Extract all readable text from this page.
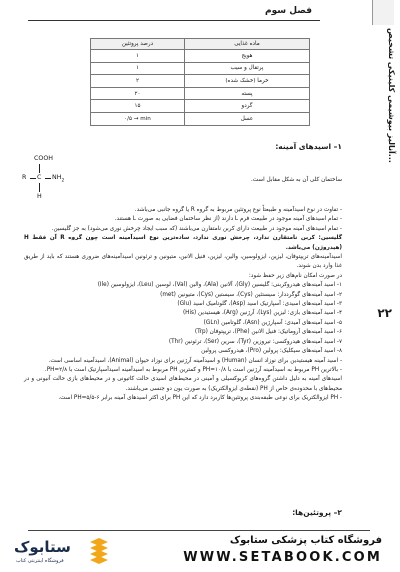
فصل سوم
آنالیز بیوشیمی کلینیکی تشخیص...
۲۲
ماده غذایی	درصد پروتئین
هویج	۱
پرتقال و سیب	۱
خرما (خشک شده)	۲
پسته	۲۰
گردو	۱۵
عسل	۰/۵ → min
۱– اسیدهای آمینه:
COOH
R C $NH_2$
H

ساختمان کلی آن به شکل مقابل است.

- تفاوت در نوع اسیدآمینه و طبیعتاً نوع پروتئین مربوط به گروه R یا گروه جانبی می‌باشد.

- تمام اسیدهای آمینه موجود در طبیعت فرم L دارند (از نظر ساختمان فضایی به صورت L هستند.

- تمام اسیدهای آمینه موجود در طبیعت دارای کربن نامتقارن می‌باشند (که سبب ایجاد چرخش نوری می‌شود) به جز گلیسین.

گلیسین: کربن نامتقارن ندارد، چرخش نوری ندارد، ساده‌ترین نوع اسیدآمینه است چون گروه R آن فقط H (هیدروژن) می‌باشد.

اسیدآمینه‌های تریپتوفان، لیزین، ایزولوسین، والین، لیزین، فنیل الانین، متیونین و ترئونین اسیدآمینه‌های ضروری هستند که باید از طریق غذا وارد بدن شوند.

در صورت امکان نام‌های زیر حفظ شود:

۱- اسید آمینه‌های هیدروکربنی: گلیسین (Gly)، آلانین (Ala)، والین (Val)، لوسین (Leu)، ایزولوسین (Ile)

۲- اسید آمینه‌های گوگرددار: سیستئین (Cys)، سیستین (Cys)، متیونین (met)

۳- اسید آمینه‌های اسیدی: آسپارتیک اسید (Asp)، گلوتامیک اسید (Glu)

۴- اسید آمینه‌های بازی: لیزین (Lys)، آرژنین (Arg)، هیستیدین (His)

۵- اسید آمینه‌های آمیدی: آسپارژین (Asn)، گلوتامین (GLn)

۶- اسید آمینه‌های آروماتیک: فنیل الانین (Phe)، تریپتوفان (Trp)

۷- اسید آمینه‌های هیدروکسی: تیروزین (Tyr)، سرین (Ser)، ترئونین (Thr)

۸- اسید آمینه‌های سیکلیک: پرولین (Pro)، هیدروکسی پرولین

- اسید آمینه هیستیدین برای نوزاد انسان (Human) و اسیدآمینه آرژنین برای نوزاد حیوان (Animal)، اسیدآمینه اساسی است.

- بالاترین PH مربوط به اسیدآمینه آرژنین است با PH=۱۰/۸ و کمترین PH مربوط به اسیدآمینه اسیدآسپارتیک است با PH=۲/۸.

اسیدهای آمینه به دلیل داشتن گروه‌های کربوکسیلی و آمینی در محیط‌های اسیدی حالت کاتیونی و در محیط‌های بازی حالت آنیونی و در محیط‌های با محدوده‌ی خاص از PH (نقطه‌ی ایزوالکتریک) به صورت یون دو جنسی می‌باشند.

- PH ایزوالکتریک برای نوعی طبقه‌بندی پروتئین‌ها کاربرد دارد که این PH برای اکثر اسیدهای آمینه برابر PH=۵/۵-۶ است.

۲– پروتئین‌ها:
ستابوک
فروشگاه اینترنتی کتاب
فروشگاه کتاب پزشکی ستابوک
WWW.SETABOOK.COM
